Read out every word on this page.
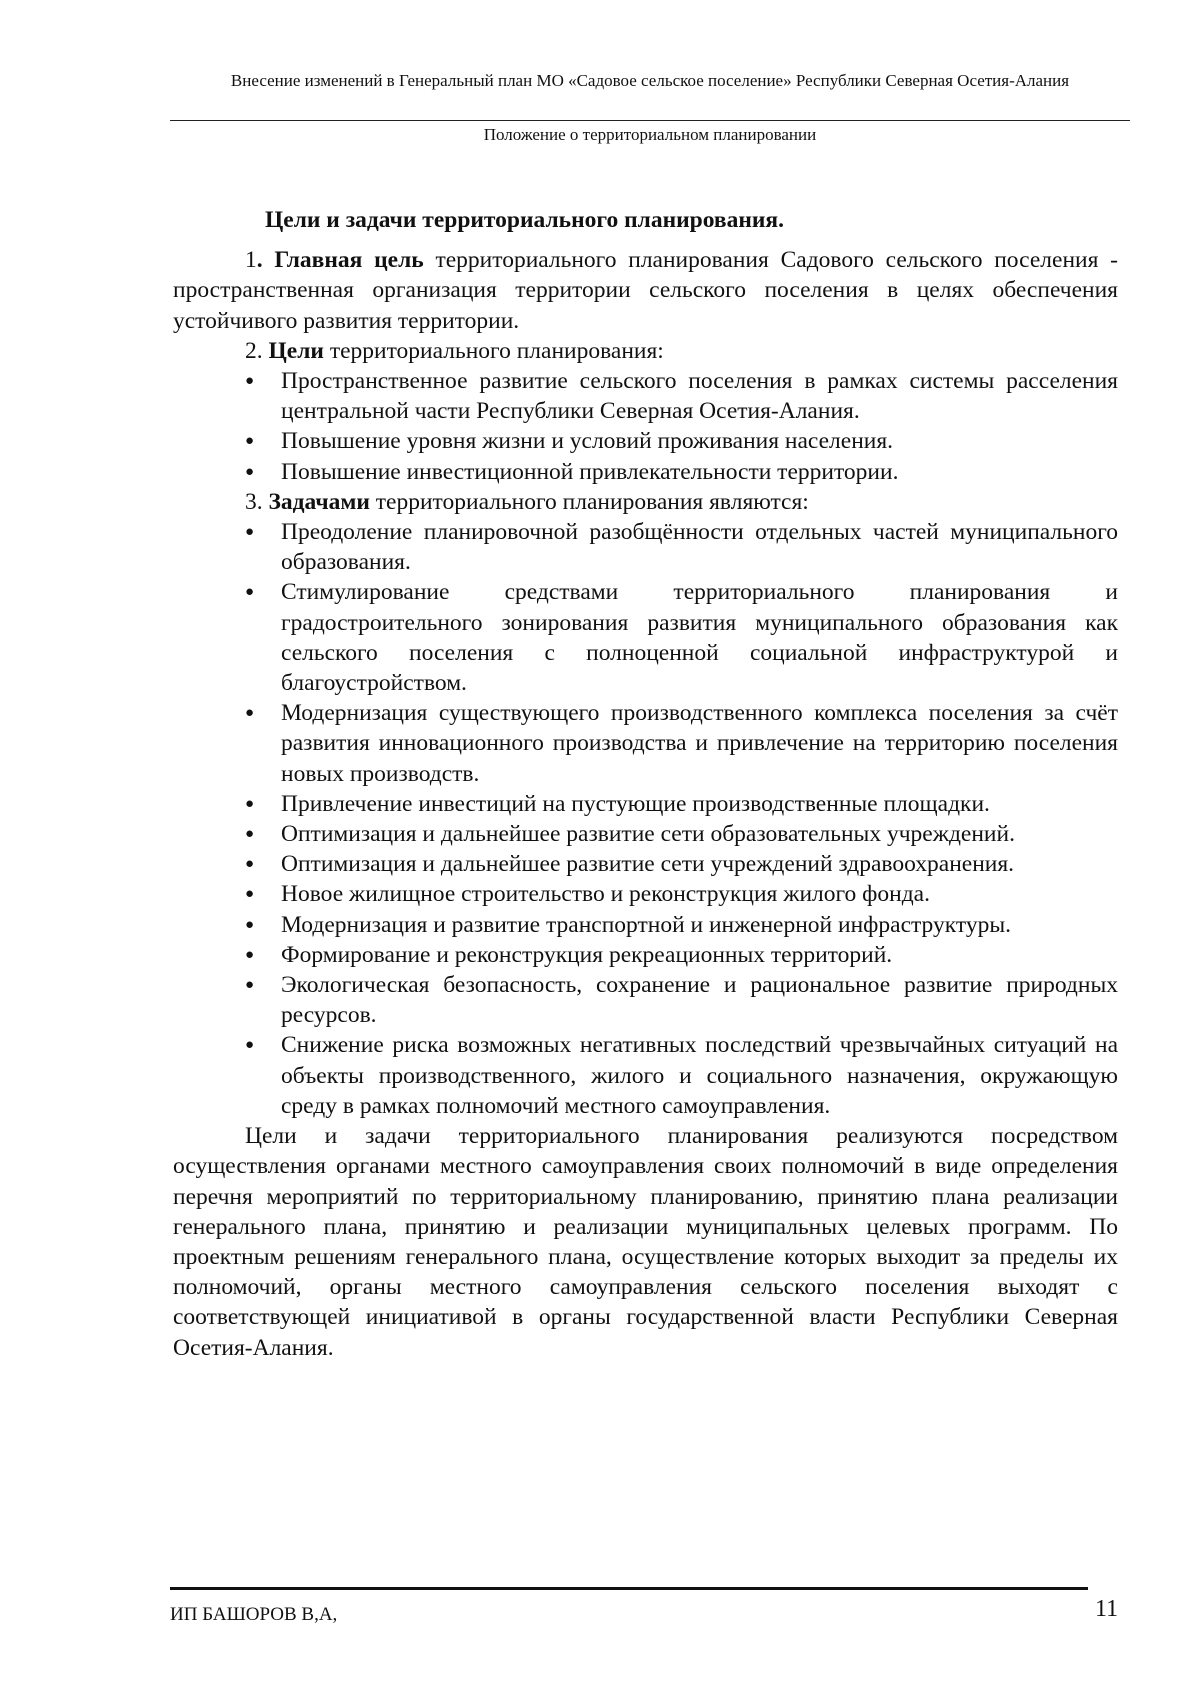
Внесение изменений в Генеральный план МО «Садовое сельское поселение» Республики Северная Осетия-Алания
Положение о территориальном планировании
Цели и задачи территориального планирования.

1. Главная цель территориального планирования Садового сельского поселения - пространственная организация территории сельского поселения в целях обеспечения устойчивого развития территории.

2. Цели территориального планирования:

● Пространственное развитие сельского поселения в рамках системы расселения центральной части Республики Северная Осетия-Алания.
● Повышение уровня жизни и условий проживания населения.
● Повышение инвестиционной привлекательности территории.

3. Задачами территориального планирования являются:

● Преодоление планировочной разобщённости отдельных частей муниципального образования.
● Стимулирование средствами территориального планирования и градостроительного зонирования развития муниципального образования как сельского поселения с полноценной социальной инфраструктурой и благоустройством.
● Модернизация существующего производственного комплекса поселения за счёт развития инновационного производства и привлечение на территорию поселения новых производств.
● Привлечение инвестиций на пустующие производственные площадки.
● Оптимизация и дальнейшее развитие сети образовательных учреждений.
● Оптимизация и дальнейшее развитие сети учреждений здравоохранения.
● Новое жилищное строительство и реконструкция жилого фонда.
● Модернизация и развитие транспортной и инженерной инфраструктуры.
● Формирование и реконструкция рекреационных территорий.
● Экологическая безопасность, сохранение и рациональное развитие природных ресурсов.
● Снижение риска возможных негативных последствий чрезвычайных ситуаций на объекты производственного, жилого и социального назначения, окружающую среду в рамках полномочий местного самоуправления.

Цели и задачи территориального планирования реализуются посредством осуществления органами местного самоуправления своих полномочий в виде определения перечня мероприятий по территориальному планированию, принятию плана реализации генерального плана, принятию и реализации муниципальных целевых программ. По проектным решениям генерального плана, осуществление которых выходит за пределы их полномочий, органы местного самоуправления сельского поселения выходят с соответствующей инициативой в органы государственной власти Республики Северная Осетия-Алания.

ИП БАШОРОВ В,А,	11
